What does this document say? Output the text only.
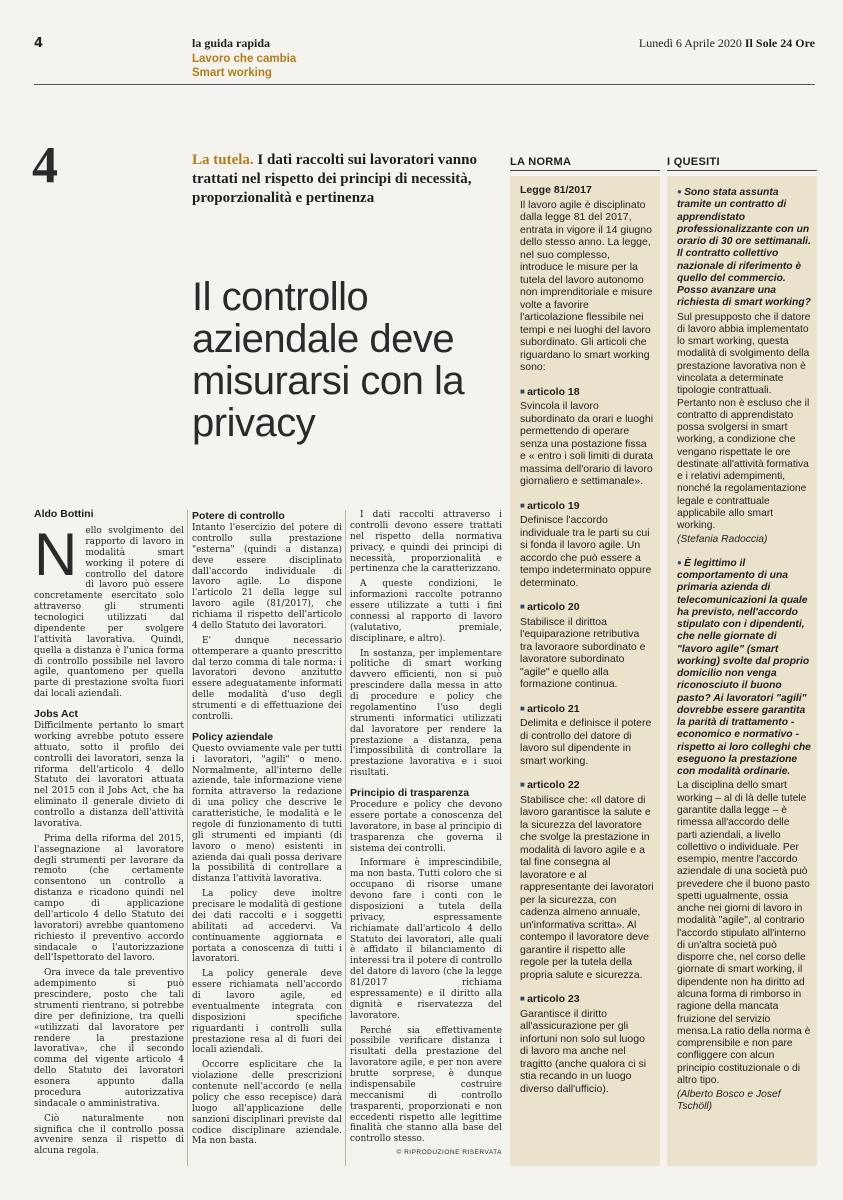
4	la guida rapida
Lavoro che cambia
Smart working
Lunedì 6 Aprile 2020 Il Sole 24 Ore
4	La tutela. I dati raccolti sui lavoratori vanno trattati nel rispetto dei principi di necessità, proporzionalità e pertinenza
Il controllo aziendale deve misurarsi con la privacy
LA NORMA

Legge 81/2017

Il lavoro agile è disciplinato dalla legge 81 del 2017, entrata in vigore il 14 giugno dello stesso anno. La legge, nel suo complesso, introduce le misure per la tutela del lavoro autonomo non imprenditoriale e misure volte a favorire l'articolazione flessibile nei tempi e nei luoghi del lavoro subordinato. Gli articoli che riguardano lo smart working sono:

■ articolo 18

Svincola il lavoro subordinato da orari e luoghi permettendo di operare senza una postazione fissa e « entro i soli limiti di durata massima dell'orario di lavoro giornaliero e settimanale».

■ articolo 19

Definisce l'accordo individuale tra le parti su cui si fonda il lavoro agile. Un accordo che può essere a tempo indeterminato oppure determinato.

■ articolo 20

Stabilisce il dirittoa l'equiparazione retributiva tra lavoraore subordinato e lavoratore subordinato "agile" e quello alla formazione continua.

■ articolo 21

Delimita e definisce il potere di controllo del datore di lavoro sul dipendente in smart working.

■ articolo 22

Stabilisce che: «Il datore di lavoro garantisce la salute e la sicurezza del lavoratore che svolge la prestazione in modalità di lavoro agile e a tal fine consegna al lavoratore e al rappresentante dei lavoratori per la sicurezza, con cadenza almeno annuale, un'informativa scritta». Al contempo il lavoratore deve garantire il rispetto alle regole per la tutela della propria salute e sicurezza.

■ articolo 23

Garantisce il diritto all'assicurazione per gli infortuni non solo sul luogo di lavoro ma anche nel tragitto (anche qualora ci si stia recando in un luogo diverso dall'ufficio).

I QUESITI

● Sono stata assunta tramite un contratto di apprendistato professionalizzante con un orario di 30 ore settimanali. Il contratto collettivo nazionale di riferimento è quello del commercio. Posso avanzare una richiesta di smart working?

Sul presupposto che il datore di lavoro abbia implementato lo smart working, questa modalità di svolgimento della prestazione lavorativa non è vincolata a determinate tipologie contrattuali. Pertanto non è escluso che il contratto di apprendistato possa svolgersi in smart working, a condizione che vengano rispettate le ore destinate all'attività formativa e i relativi adempimenti, nonché la regolamentazione legale e contrattuale applicabile allo smart working.

(Stefania Radoccia)

● È legittimo il comportamento di una primaria azienda di telecomunicazioni la quale ha previsto, nell'accordo stipulato con i dipendenti, che nelle giornate di "lavoro agile" (smart working) svolte dal proprio domicilio non venga riconosciuto il buono pasto? Ai lavoratori "agili" dovrebbe essere garantita la parità di trattamento - economico e normativo - rispetto ai loro colleghi che eseguono la prestazione con modalità ordinarie.

La disciplina dello smart working – al di là delle tutele garantite dalla legge – è rimessa all'accordo delle parti aziendali, a livello collettivo o individuale. Per esempio, mentre l'accordo aziendale di una società può prevedere che il buono pasto spetti ugualmente, ossia anche nei giorni di lavoro in modalità "agile", al contrario l'accordo stipulato all'interno di un'altra società può disporre che, nel corso delle giornate di smart working, il dipendente non ha diritto ad alcuna forma di rimborso in ragione della mancata fruizione del servizio mensa.La ratio della norma è comprensibile e non pare confliggere con alcun principio costituzionale o di altro tipo.

(Alberto Bosco e Josef Tschöll)

Aldo Bottini

Nello svolgimento del rapporto di lavoro in modalità smart working il potere di controllo del datore di lavoro può essere concretamente esercitato solo attraverso gli strumenti tecnologici utilizzati dal dipendente per svolgere l'attività lavorativa. Quindi, quella a distanza è l'unica forma di controllo possibile nel lavoro agile, quantomeno per quella parte di prestazione svolta fuori dai locali aziendali.

Jobs Act

Difficilmente pertanto lo smart working avrebbe potuto essere attuato, sotto il profilo dei controlli dei lavoratori, senza la riforma dell'articolo 4 dello Statuto dei lavoratori attuata nel 2015 con il Jobs Act, che ha eliminato il generale divieto di controllo a distanza dell'attività lavorativa.

Prima della riforma del 2015, l'assegnazione al lavoratore degli strumenti per lavorare da remoto (che certamente consentono un controllo a distanza e ricadono quindi nel campo di applicazione dell'articolo 4 dello Statuto dei lavoratori) avrebbe quantomeno richiesto il preventivo accordo sindacale o l'autorizzazione dell'Ispettorato del lavoro.

Ora invece da tale preventivo adempimento si può prescindere, posto che tali strumenti rientrano, si potrebbe dire per definizione, tra quelli «utilizzati dal lavoratore per rendere la prestazione lavorativa», che il secondo comma del vigente articolo 4 dello Statuto dei lavoratori esonera appunto dalla procedura autorizzativa sindacale o amministrativa.

Ciò naturalmente non significa che il controllo possa avvenire senza il rispetto di alcuna regola.

Potere di controllo

Intanto l'esercizio del potere di controllo sulla prestazione "esterna" (quindi a distanza) deve essere disciplinato dall'accordo individuale di lavoro agile. Lo dispone l'articolo 21 della legge sul lavoro agile (81/2017), che richiama il rispetto dell'articolo 4 dello Statuto dei lavoratori.

E' dunque necessario ottemperare a quanto prescritto dal terzo comma di tale norma: i lavoratori devono anzitutto essere adeguatamente informati delle modalità d'uso degli strumenti e di effettuazione dei controlli.

Policy aziendale

Questo ovviamente vale per tutti i lavoratori, "agili" o meno. Normalmente, all'interno delle aziende, tale informazione viene fornita attraverso la redazione di una policy che descrive le caratteristiche, le modalità e le regole di funzionamento di tutti gli strumenti ed impianti (di lavoro o meno) esistenti in azienda dai quali possa derivare la possibilità di controllare a distanza l'attività lavorativa.

La policy deve inoltre precisare le modalità di gestione dei dati raccolti e i soggetti abilitati ad accedervi. Va continuamente aggiornata e portata a conoscenza di tutti i lavoratori.

La policy generale deve essere richiamata nell'accordo di lavoro agile, ed eventualmente integrata con disposizioni specifiche riguardanti i controlli sulla prestazione resa al di fuori dei locali aziendali.

Occorre esplicitare che la violazione delle prescrizioni contenute nell'accordo (e nella policy che esso recepisce) darà luogo all'applicazione delle sanzioni disciplinari previste dal codice disciplinare aziendale. Ma non basta.

I dati raccolti attraverso i controlli devono essere trattati nel rispetto della normativa privacy, e quindi dei principi di necessità, proporzionalità e pertinenza che la caratterizzano.

A queste condizioni, le informazioni raccolte potranno essere utilizzate a tutti i fini connessi al rapporto di lavoro (valutativo, premiale, disciplinare, e altro).

In sostanza, per implementare politiche di smart working davvero efficienti, non si può prescindere dalla messa in atto di procedure e policy che regolamentino l'uso degli strumenti informatici utilizzati dal lavoratore per rendere la prestazione a distanza, pena l'impossibilità di controllare la prestazione lavorativa e i suoi risultati.

Principio di trasparenza

Procedure e policy che devono essere portate a conoscenza del lavoratore, in base al principio di trasparenza che governa il sistema dei controlli.

Informare è imprescindibile, ma non basta. Tutti coloro che si occupano di risorse umane devono fare i conti con le disposizioni a tutela della privacy, espressamente richiamate dall'articolo 4 dello Statuto dei lavoratori, alle quali è affidato il bilanciamento di interessi tra il potere di controllo del datore di lavoro (che la legge 81/2017 richiama espressamente) e il diritto alla dignità e riservatezza del lavoratore.

Perché sia effettivamente possibile verificare distanza i risultati della prestazione del lavoratore agile, e per non avere brutte sorprese, è dunque indispensabile costruire meccanismi di controllo trasparenti, proporzionati e non eccedenti rispetto alle legittime finalità che stanno alla base del controllo stesso.

© RIPRODUZIONE RISERVATA
